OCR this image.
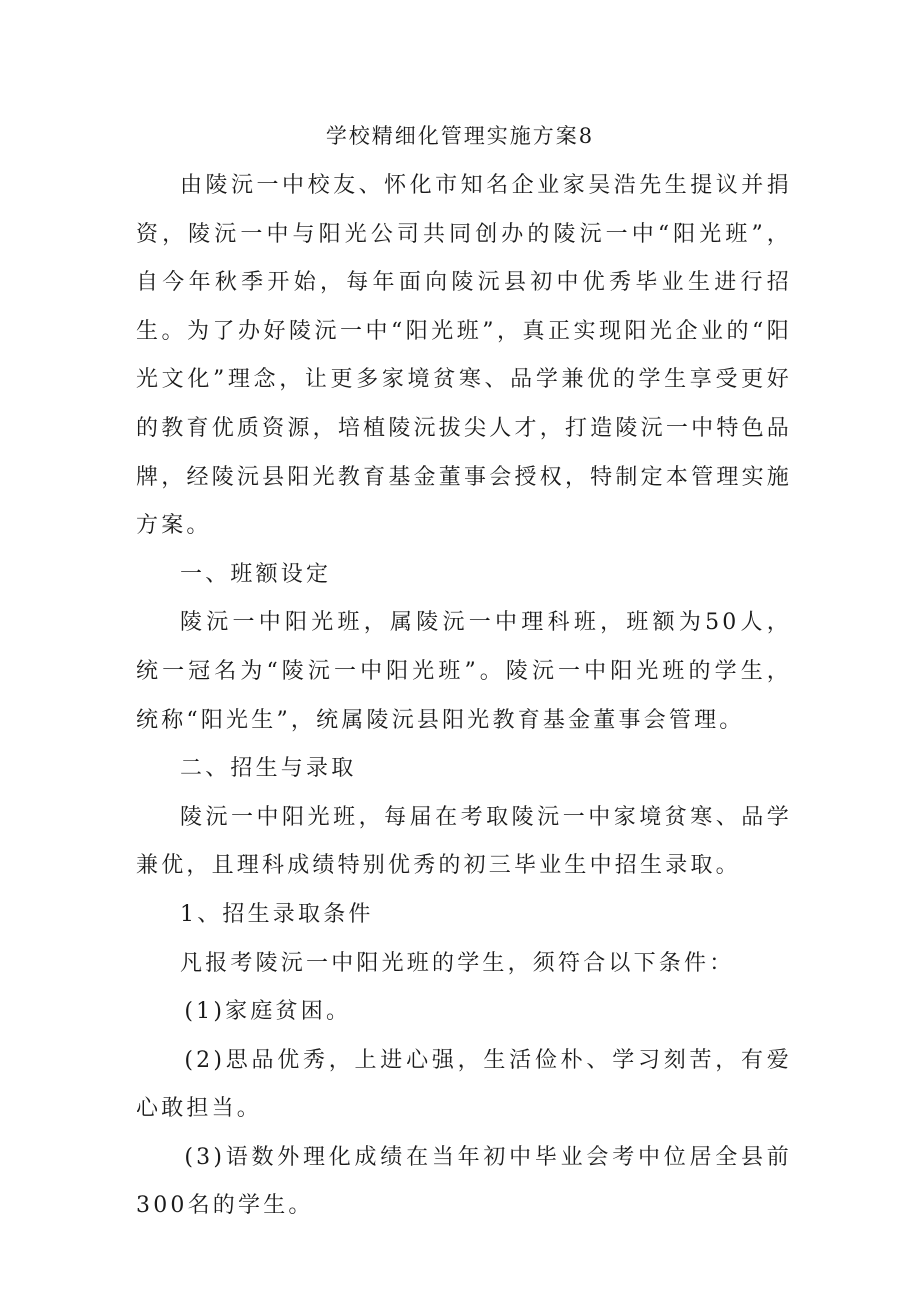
学校精细化管理实施方案8

由陵沅一中校友、怀化市知名企业家吴浩先生提议并捐资，陵沅一中与阳光公司共同创办的陵沅一中“阳光班”，自今年秋季开始，每年面向陵沅县初中优秀毕业生进行招生。为了办好陵沅一中“阳光班”，真正实现阳光企业的“阳光文化”理念，让更多家境贫寒、品学兼优的学生享受更好的教育优质资源，培植陵沅拔尖人才，打造陵沅一中特色品牌，经陵沅县阳光教育基金董事会授权，特制定本管理实施方案。

一、班额设定

陵沅一中阳光班，属陵沅一中理科班，班额为50人，统一冠名为“陵沅一中阳光班”。陵沅一中阳光班的学生，统称“阳光生”，统属陵沅县阳光教育基金董事会管理。

二、招生与录取

陵沅一中阳光班，每届在考取陵沅一中家境贫寒、品学兼优，且理科成绩特别优秀的初三毕业生中招生录取。

1、招生录取条件

凡报考陵沅一中阳光班的学生，须符合以下条件：

(1)家庭贫困。

(2)思品优秀，上进心强，生活俭朴、学习刻苦，有爱心敢担当。

(3)语数外理化成绩在当年初中毕业会考中位居全县前300名的学生。
